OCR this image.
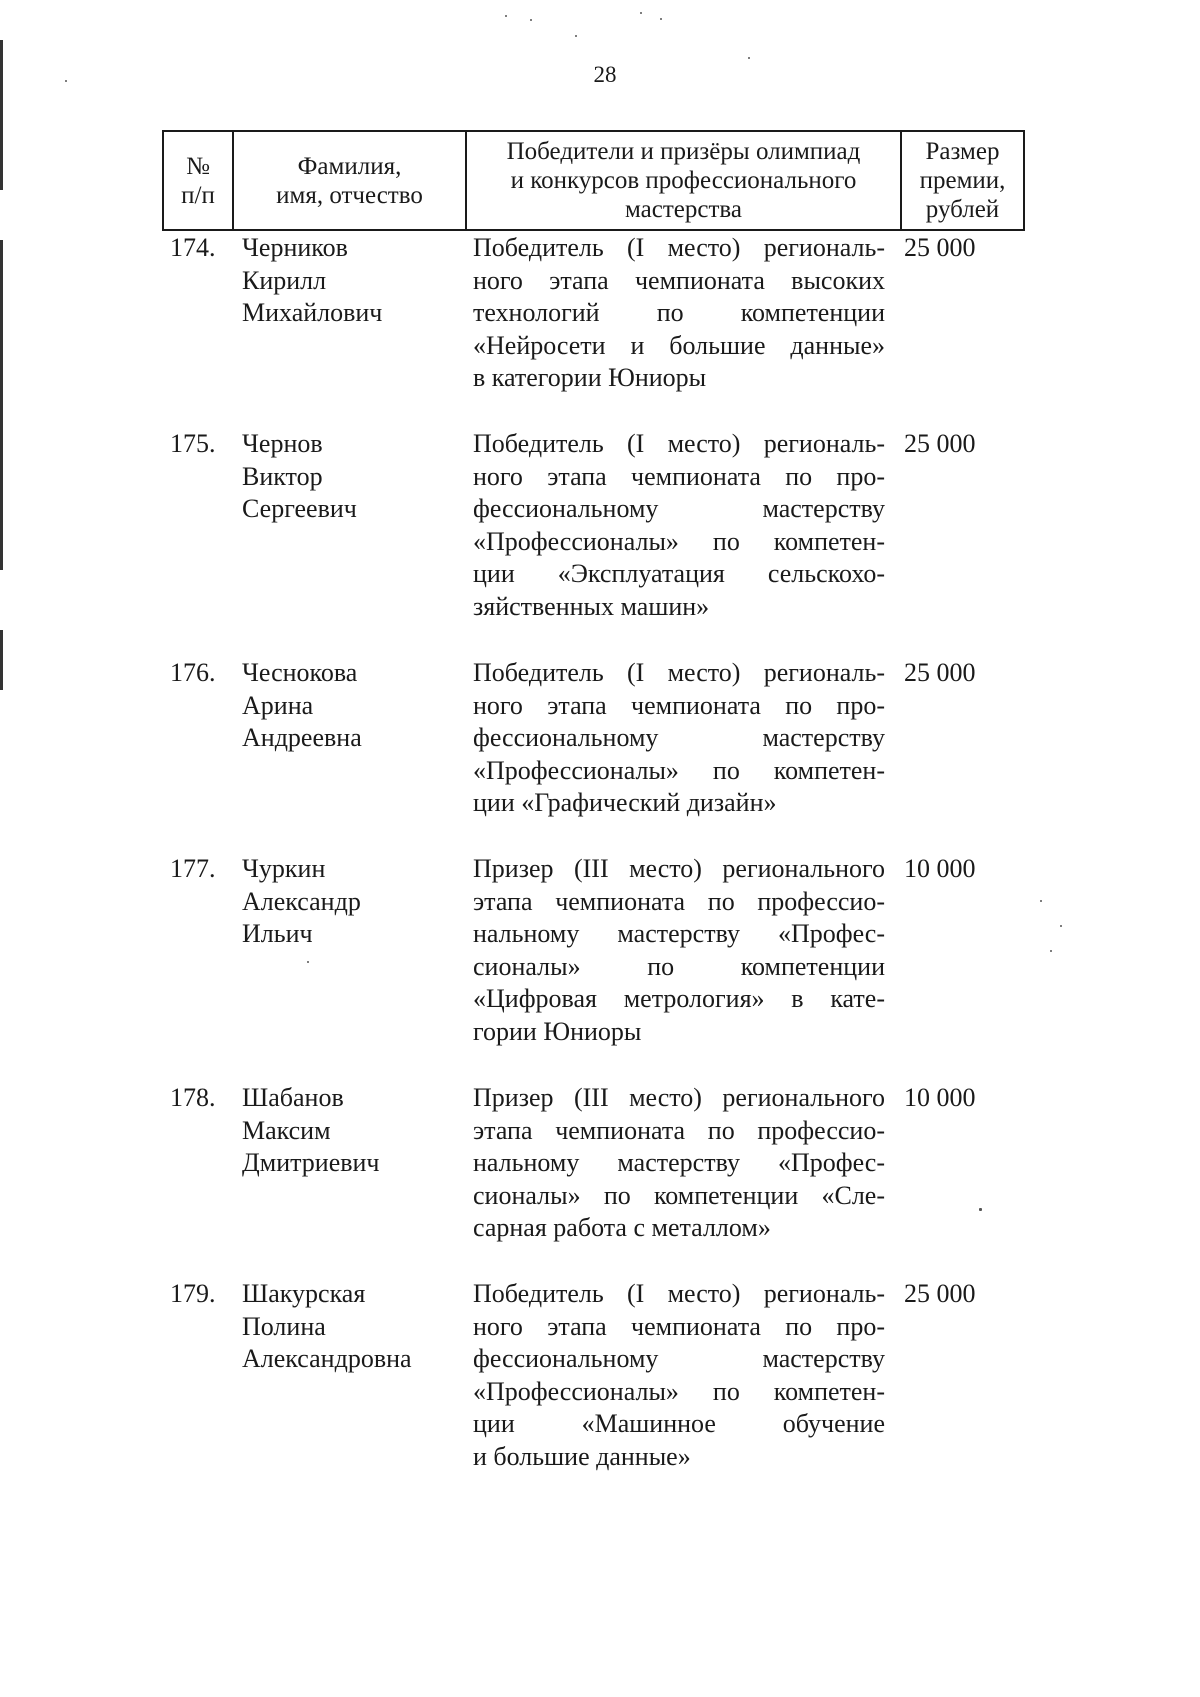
28
№
п/п
Фамилия,
имя, отчество
Победители и призёры олимпиад
и конкурсов профессионального
мастерства
Размер
премии,
рублей
174. Черников
Кирилл
Михайлович
Победитель (I место) региональ-
ного этапа чемпионата высоких
технологий по компетенции
«Нейросети и большие данные»
в категории Юниоры
25 000
175. Чернов
Виктор
Сергеевич
Победитель (I место) региональ-
ного этапа чемпионата по про-
фессиональному мастерству
«Профессионалы» по компетен-
ции «Эксплуатация сельскохо-
зяйственных машин»
25 000
176. Чеснокова
Арина
Андреевна
Победитель (I место) региональ-
ного этапа чемпионата по про-
фессиональному мастерству
«Профессионалы» по компетен-
ции «Графический дизайн»
25 000
177. Чуркин
Александр
Ильич
Призер (III место) регионального
этапа чемпионата по профессио-
нальному мастерству «Профес-
сионалы» по компетенции
«Цифровая метрология» в кате-
гории Юниоры
10 000
178. Шабанов
Максим
Дмитриевич
Призер (III место) регионального
этапа чемпионата по профессио-
нальному мастерству «Профес-
сионалы» по компетенции «Сле-
сарная работа с металлом»
10 000
179. Шакурская
Полина
Александровна
Победитель (I место) региональ-
ного этапа чемпионата по про-
фессиональному мастерству
«Профессионалы» по компетен-
ции «Машинное обучение
и большие данные»
25 000
